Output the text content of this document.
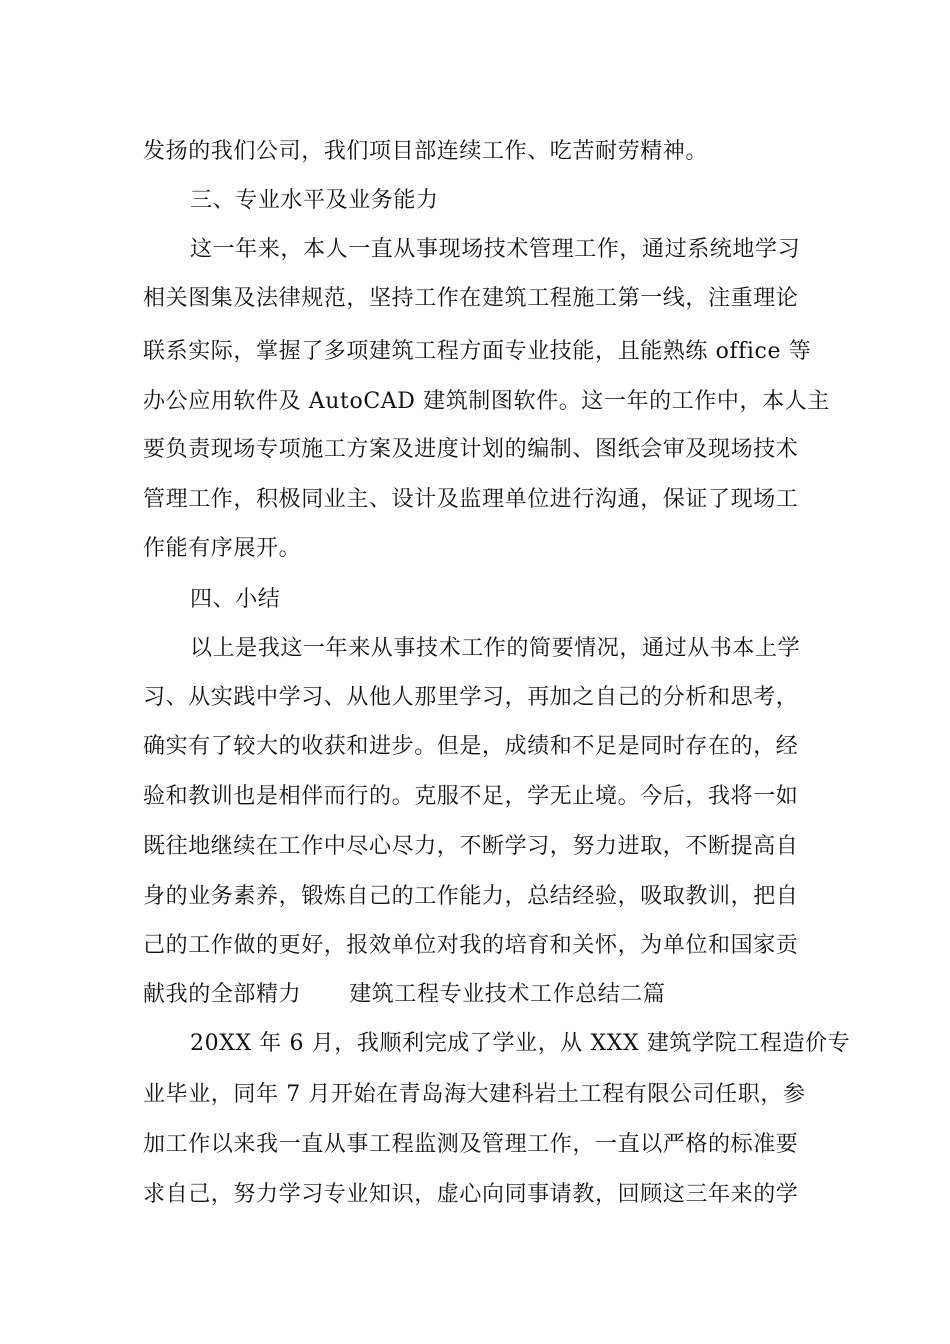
发扬的我们公司，我们项目部连续工作、吃苦耐劳精神。
三、专业水平及业务能力
这一年来，本人一直从事现场技术管理工作，通过系统地学习
相关图集及法律规范，坚持工作在建筑工程施工第一线，注重理论
联系实际，掌握了多项建筑工程方面专业技能，且能熟练 office 等
办公应用软件及 AutoCAD 建筑制图软件。这一年的工作中，本人主
要负责现场专项施工方案及进度计划的编制、图纸会审及现场技术
管理工作，积极同业主、设计及监理单位进行沟通，保证了现场工
作能有序展开。
四、小结
以上是我这一年来从事技术工作的简要情况，通过从书本上学
习、从实践中学习、从他人那里学习，再加之自己的分析和思考，
确实有了较大的收获和进步。但是，成绩和不足是同时存在的，经
验和教训也是相伴而行的。克服不足，学无止境。今后，我将一如
既往地继续在工作中尽心尽力，不断学习，努力进取，不断提高自
身的业务素养，锻炼自己的工作能力，总结经验，吸取教训，把自
己的工作做的更好，报效单位对我的培育和关怀，为单位和国家贡
献我的全部精力 建筑工程专业技术工作总结二篇
20XX 年 6 月，我顺利完成了学业，从 XXX 建筑学院工程造价专
业毕业，同年 7 月开始在青岛海大建科岩土工程有限公司任职，参
加工作以来我一直从事工程监测及管理工作，一直以严格的标准要
求自己，努力学习专业知识，虚心向同事请教，回顾这三年来的学
